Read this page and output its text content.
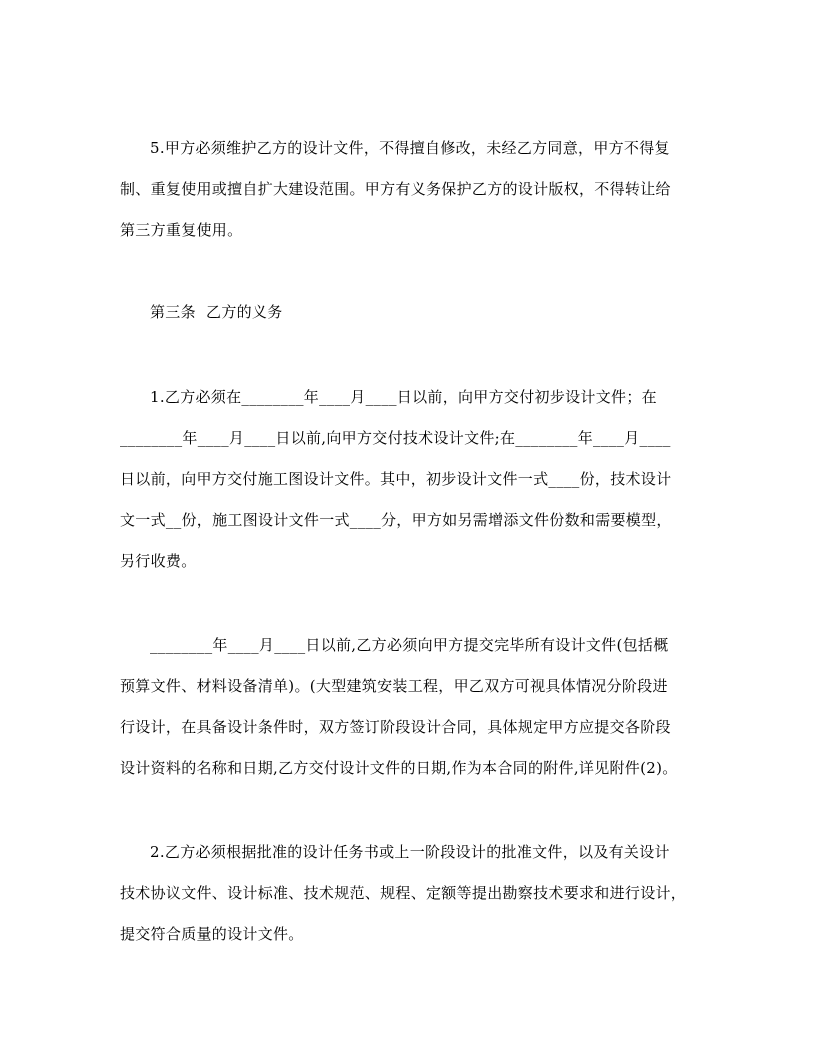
5.甲方必须维护乙方的设计文件，不得擅自修改，未经乙方同意，甲方不得复
制、重复使用或擅自扩大建设范围。甲方有义务保护乙方的设计版权，不得转让给
第三方重复使用。
第三条  乙方的义务
1.乙方必须在________年____月____日以前，向甲方交付初步设计文件；在
________年____月____日以前,向甲方交付技术设计文件;在________年____月____
日以前，向甲方交付施工图设计文件。其中，初步设计文件一式____份，技术设计
文一式__份，施工图设计文件一式____分，甲方如另需增添文件份数和需要模型，
另行收费。
________年____月____日以前,乙方必须向甲方提交完毕所有设计文件(包括概
预算文件、材料设备清单)。(大型建筑安装工程，甲乙双方可视具体情况分阶段进
行设计，在具备设计条件时，双方签订阶段设计合同，具体规定甲方应提交各阶段
设计资料的名称和日期,乙方交付设计文件的日期,作为本合同的附件,详见附件(2)。
2.乙方必须根据批准的设计任务书或上一阶段设计的批准文件，以及有关设计
技术协议文件、设计标准、技术规范、规程、定额等提出勘察技术要求和进行设计，
提交符合质量的设计文件。
